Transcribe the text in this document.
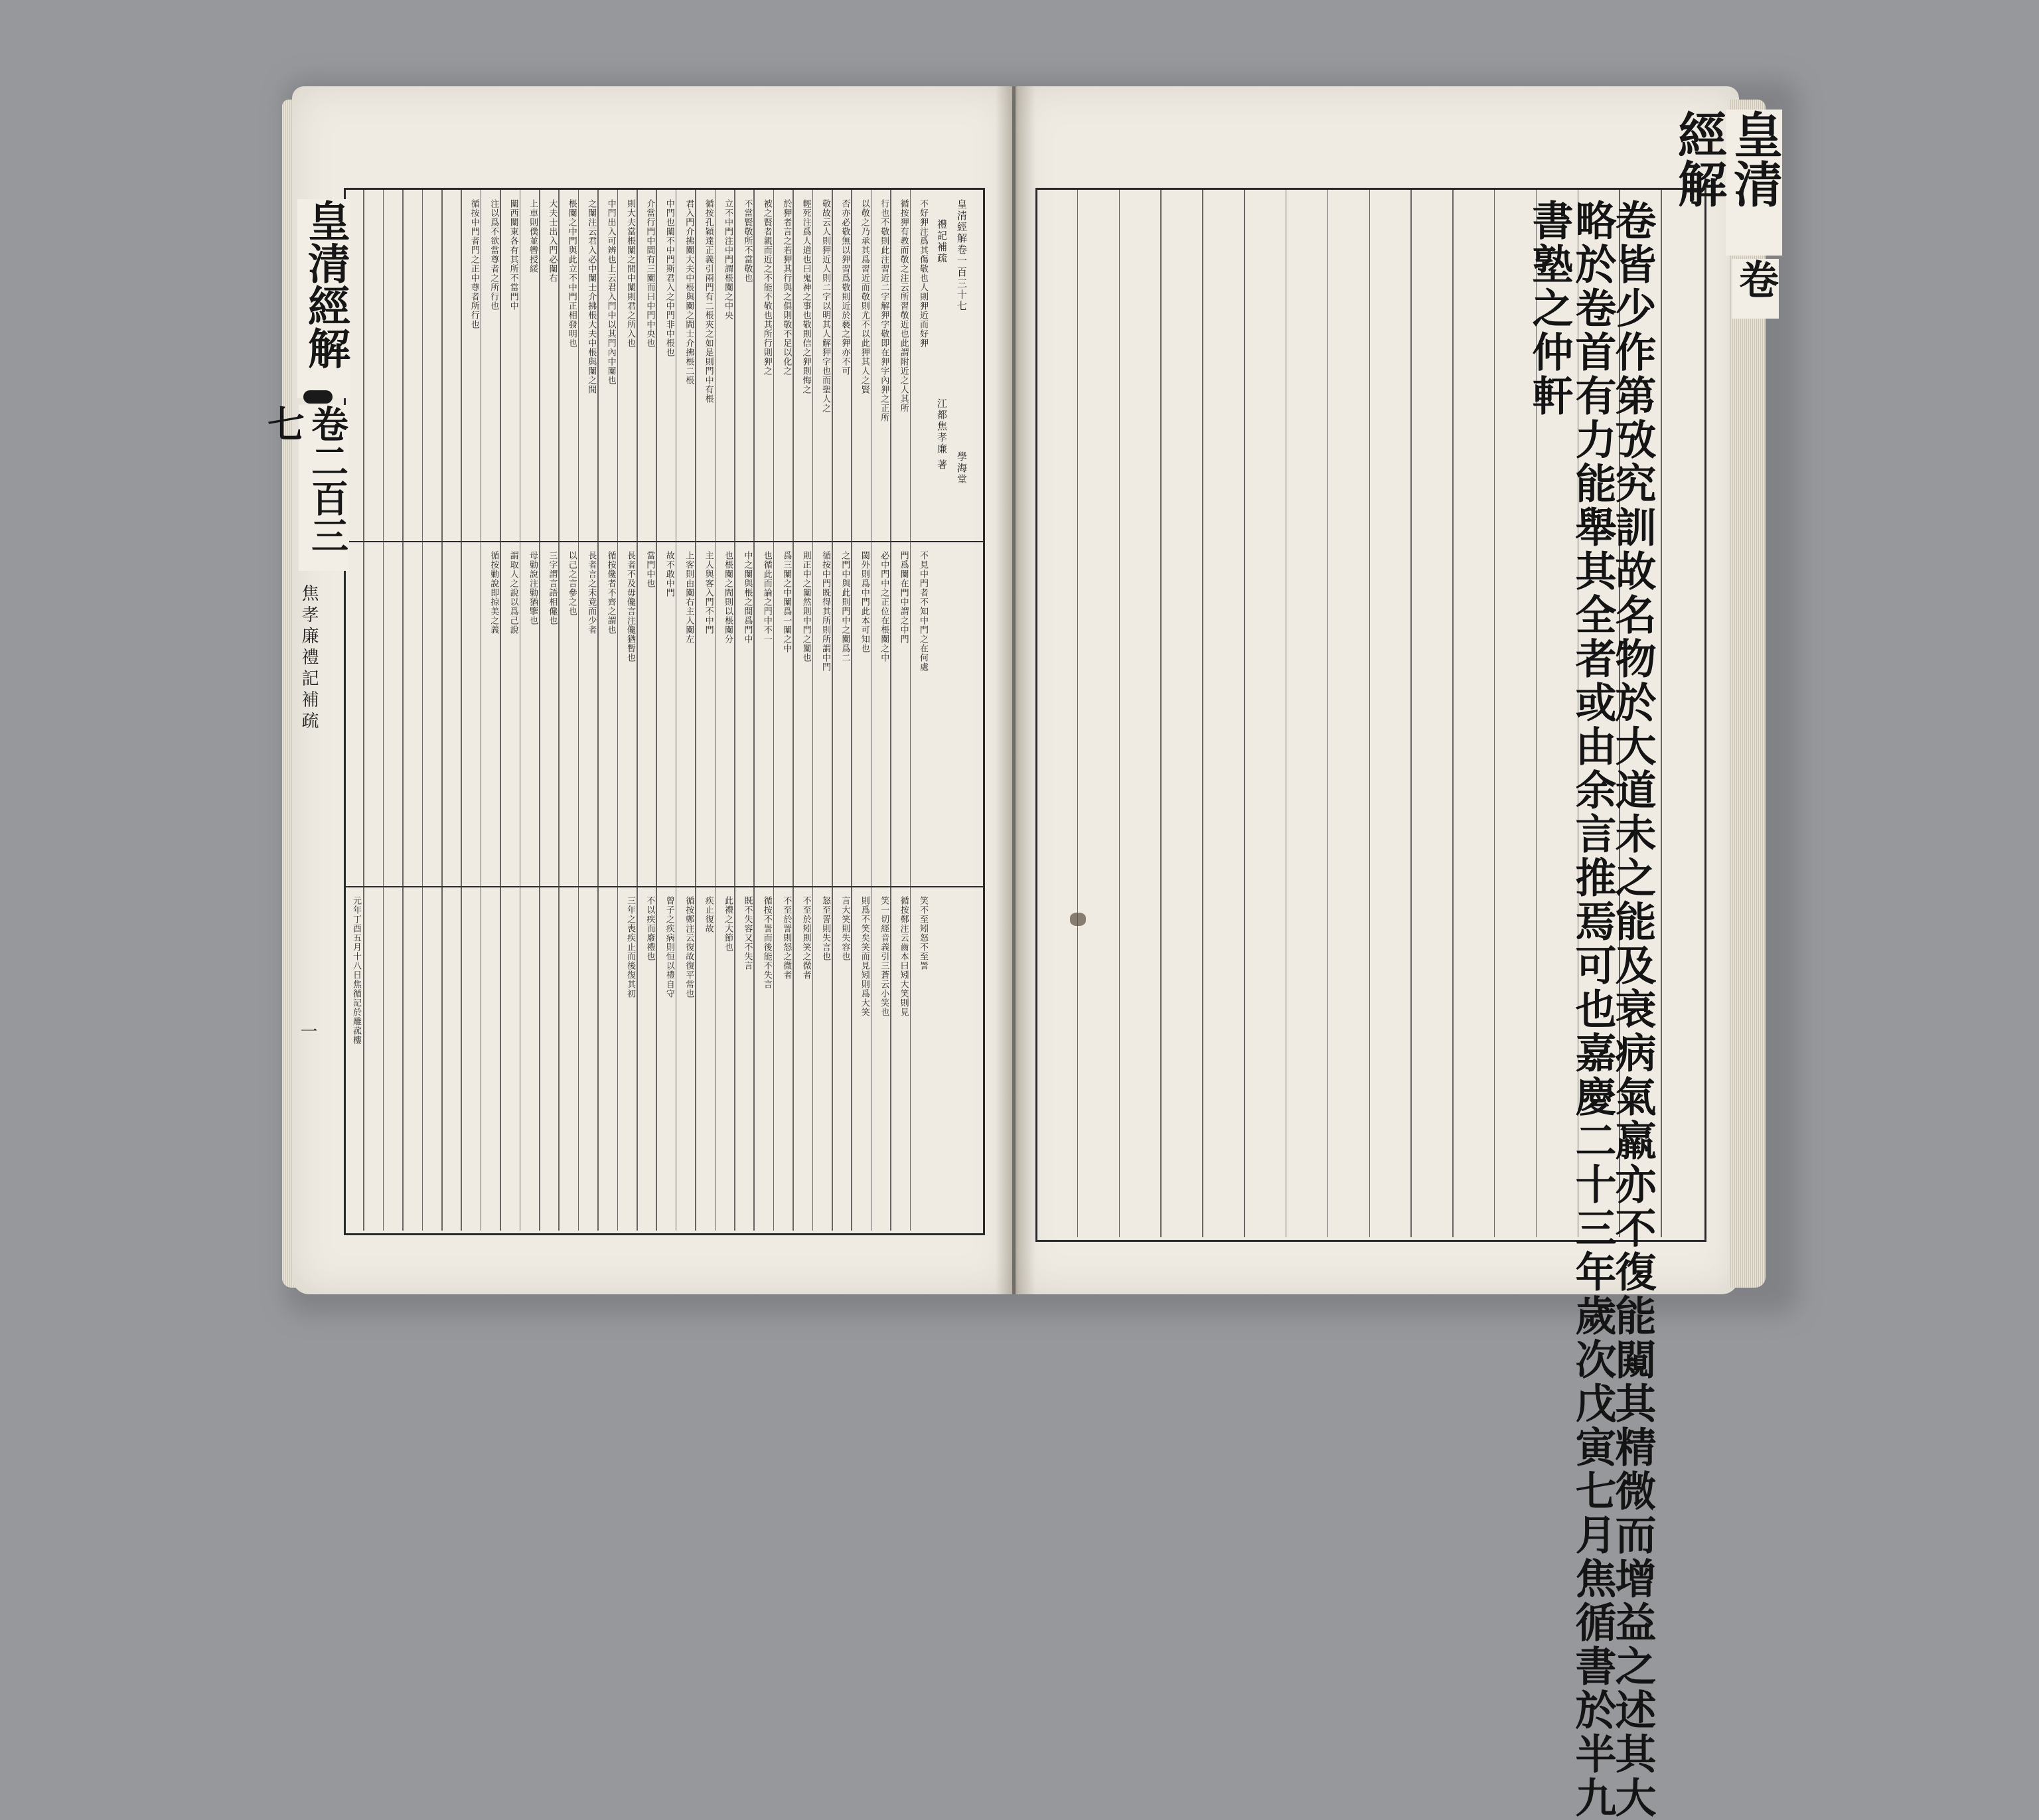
卷皆少作第攷究訓故名物於大道未之能及衰病氣羸亦不復能闚其精微而增益之述其大
略於卷首有力能舉其全者或由余言推焉可也嘉慶二十三年歲次戊寅七月焦循書於半九
書塾之仲軒
皇清經解
卷
皇清經解
卷二百三七
焦孝廉禮記補疏
一
皇清經解卷一百三十七
江都焦孝廉 著 學海堂
禮記補疏
不好狎注爲其傷敬也人則狎近而好狎
循按狎有教而敬之注云所習敬近也此謂附近之人其所
行也不敬則此注習近二字解狎字敬即在狎字內狎之正所
以敬之乃承其爲習近而敬則尤不以此狎其人之賢
否亦必敬無以狎習爲敬則近於褻之狎亦不可
敬故云人則狎近人則二字以明其人解狎字也而聖人之
輕死注爲人道也曰鬼神之事也敬則信之狎則悔之
於狎者言之若狎其行與之俱則敬不足以化之
被之賢者親而近之不能不敬也其所行則狎之
不當賢敬所不當敬也
立不中門注中門謂棖闑之中央
循按孔穎達正義引兩門有二棖夾之如是則門中有棖
君入門介拂闑大夫中棖與闑之間士介拂棖二棖
中門也闑不中門斯君入之中門非中棖也
介當行門中間有三闑而曰中門中央也
則大夫當棖闑之間中闑則君之所入也
中門出入可辨也上云君入門中以其門內中闑也
之闑注云君入必中闑士介拂棖大夫中棖與闑之間
棖闑之中門與此立不中門正相發明也
大夫士出入門必闑右
上車則僕並轡授綏
闑西闑東各有其所不當門中
注以爲不欲當尊者之所行也
循按中門者門之正中尊者所行也
不見中門者不知中門之在何處
門爲闑在門中謂之中門
必中門中之正位在棖闑之中
閾外則爲中門此本可知也
之門中與此則門中之闑爲二
循按中門既得其所則所謂中門
則正中之闑然則中門之闑也
爲三闑之中闑爲一闑之中
也循此而論之門中不一
中之闑與棖之間爲門中
也棖闑之間則以棖闑分
主人與客入門不中門
上客則由闑右主人闑左
故不敢中門
當門中也
長者不及毋儳言注儳猶暫也
循按儳者不齊之謂也
長者言之未竟而少者
以己之言參之也
三字謂言語相儳也
母勦說注勦猶擥也
謂取人之說以爲己說
循按勦說即掠美之義
笑不至矧怒不至詈
循按鄭注云齒本曰矧大笑則見
笑一切經音義引三蒼云小笑也
則爲不笑矣笑而見矧則爲大笑
言大笑則失容也
怒至詈則失言也
不至於矧則笑之微者
不至於詈則怒之微者
循按不詈而後能不失言
既不失容又不失言
此禮之大節也
疾止復故
循按鄭注云復故復平常也
曾子之疾病則恒以禮自守
不以疾而廢禮也
三年之喪疾止而後復其初
元年丁酉五月十八日焦循記於雕菰樓
